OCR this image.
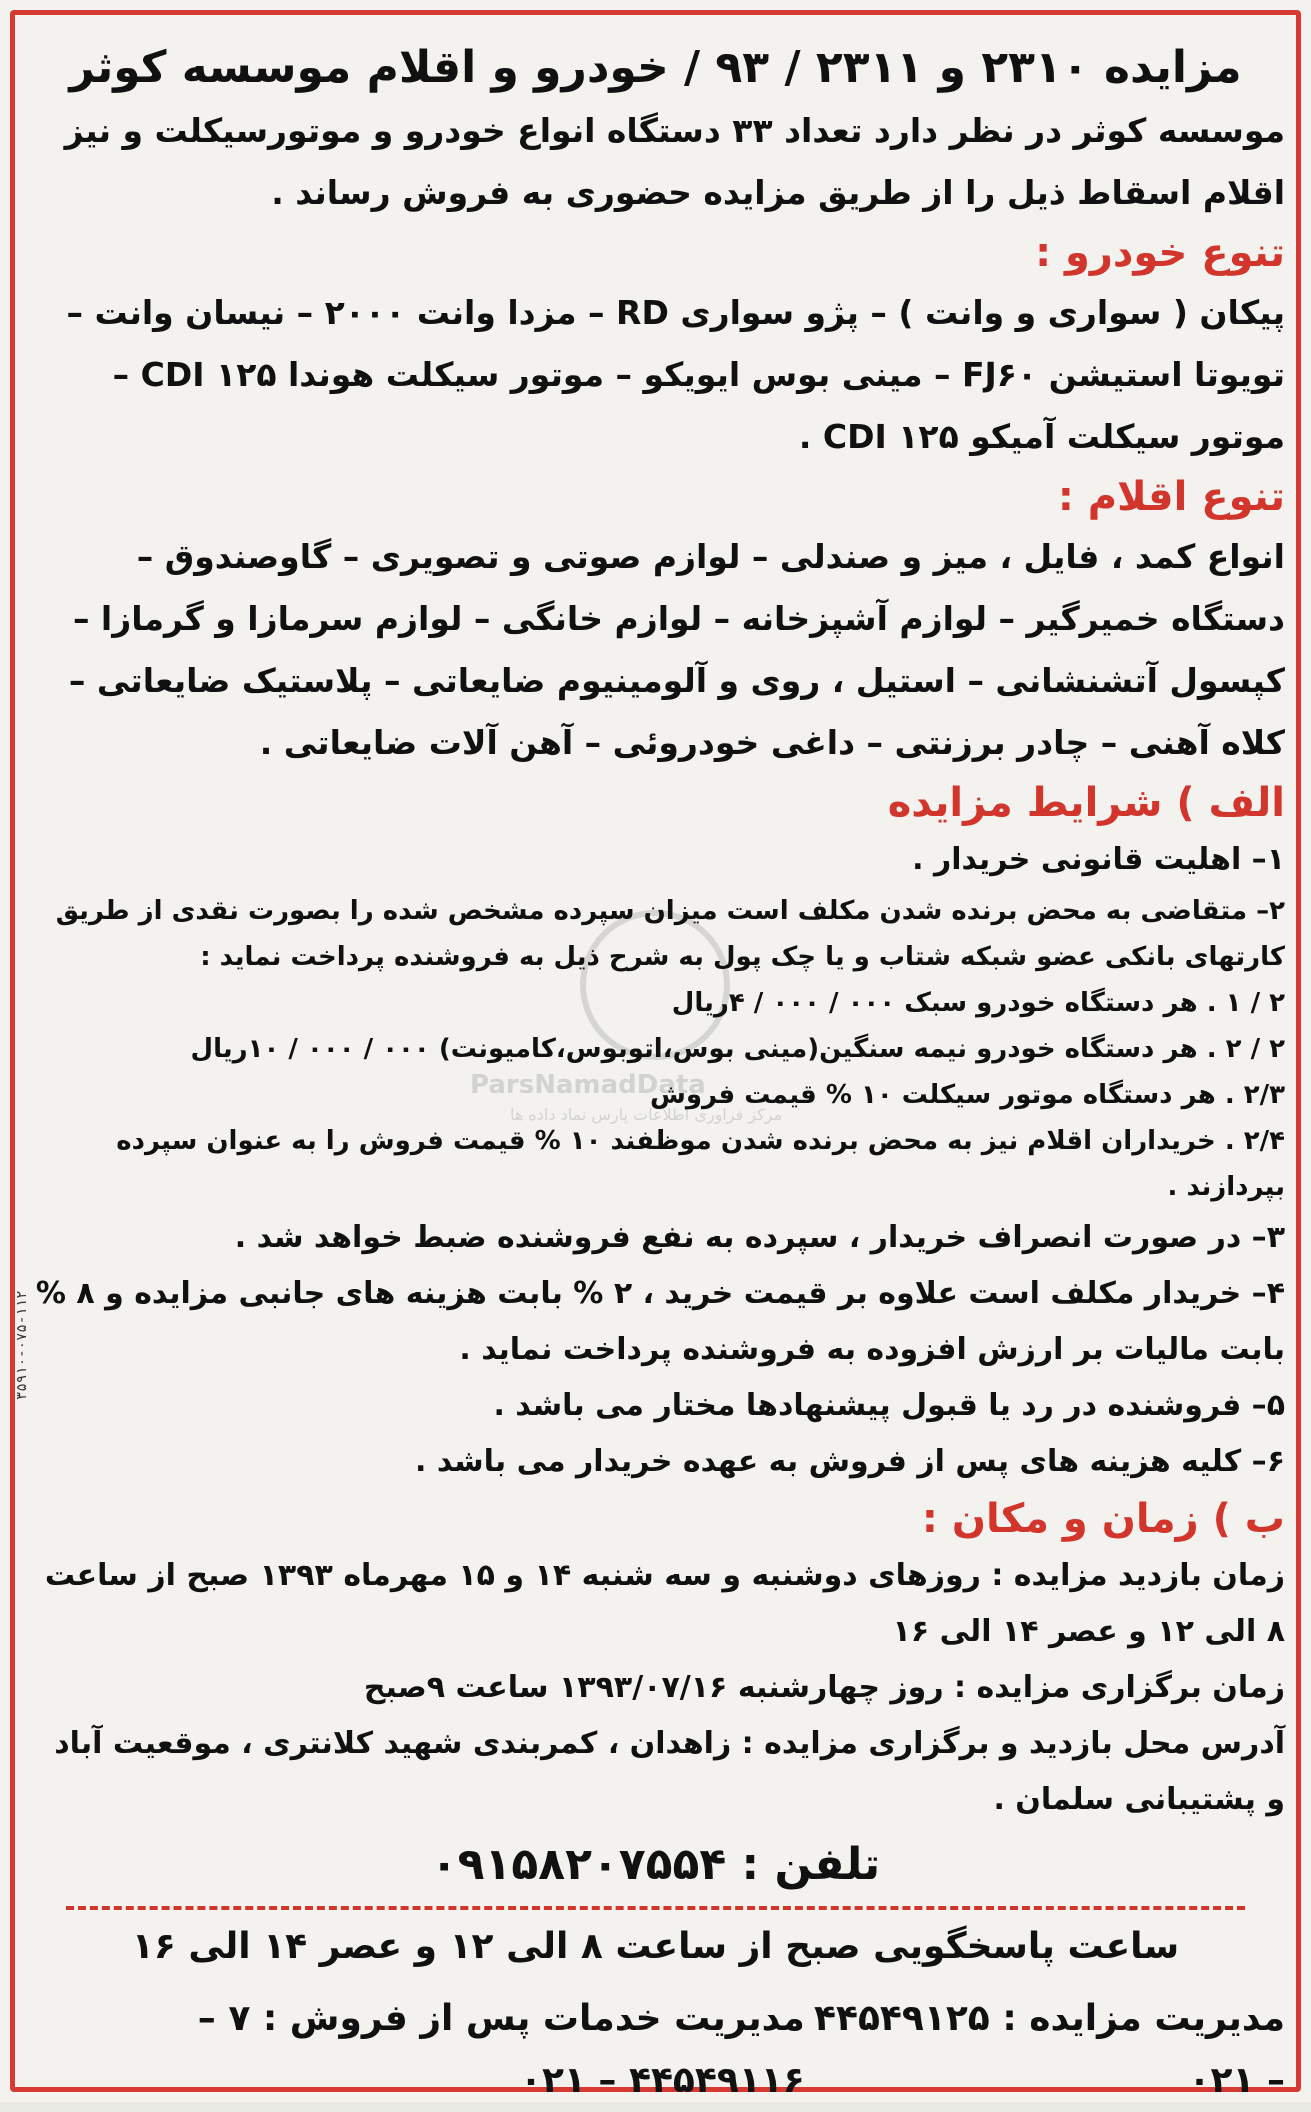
ParsNamadData
مرکز فراوری اطلاعات پارس نماد داده ها
۳۵۹۱۰-۰۷۵-۱۱۲
مزایده ۲۳۱۰ و ۲۳۱۱ / ۹۳ / خودرو و اقلام موسسه کوثر

موسسه کوثر در نظر دارد تعداد ۳۳ دستگاه انواع خودرو و موتورسیکلت و نیز اقلام اسقاط ذیل را از طریق مزایده حضوری به فروش رساند .

تنوع خودرو :

پیکان ( سواری و وانت ) – پژو سواری RD – مزدا وانت ۲۰۰۰ – نیسان وانت – تویوتا استیشن FJ۶۰ – مینی بوس ایویکو – موتور سیکلت هوندا CDI ۱۲۵ – موتور سیکلت آمیکو CDI ۱۲۵ .

تنوع اقلام :

انواع کمد ، فایل ، میز و صندلی – لوازم صوتی و تصویری – گاوصندوق – دستگاه خمیرگیر – لوازم آشپزخانه – لوازم خانگی – لوازم سرمازا و گرمازا – کپسول آتشنشانی – استیل ، روی و آلومینیوم ضایعاتی – پلاستیک ضایعاتی – کلاه آهنی – چادر برزنتی – داغی خودروئی – آهن آلات ضایعاتی .

الف ) شرایط مزایده

۱– اهلیت قانونی خریدار .

۲– متقاضی به محض برنده شدن مکلف است میزان سپرده مشخص شده را بصورت نقدی از طریق کارتهای بانکی عضو شبکه شتاب و یا چک پول به شرح ذیل به فروشنده پرداخت نماید :

۲ / ۱ . هر دستگاه خودرو سبک ۰۰۰ / ۰۰۰ / ۴ریال

۲ / ۲ . هر دستگاه خودرو نیمه سنگین(مینی بوس،اتوبوس،کامیونت) ۰۰۰ / ۰۰۰ / ۱۰ریال

۲/۳ . هر دستگاه موتور سیکلت ۱۰ % قیمت فروش

۲/۴ . خریداران اقلام نیز به محض برنده شدن موظفند ۱۰ % قیمت فروش را به عنوان سپرده بپردازند .

۳– در صورت انصراف خریدار ، سپرده به نفع فروشنده ضبط خواهد شد .

۴– خریدار مکلف است علاوه بر قیمت خرید ، ۲ % بابت هزینه های جانبی مزایده و ۸ % بابت مالیات بر ارزش افزوده به فروشنده پرداخت نماید .

۵– فروشنده در رد یا قبول پیشنهادها مختار می باشد .

۶– کلیه هزینه های پس از فروش به عهده خریدار می باشد .

ب ) زمان و مکان :

زمان بازدید مزایده : روزهای دوشنبه و سه شنبه ۱۴ و ۱۵ مهرماه ۱۳۹۳ صبح از ساعت ۸ الی ۱۲ و عصر ۱۴ الی ۱۶

زمان برگزاری مزایده : روز چهارشنبه ۱۳۹۳/۰۷/۱۶ ساعت ۹صبح

آدرس محل بازدید و برگزاری مزایده : زاهدان ، کمربندی شهید کلانتری ، موقعیت آباد و پشتیبانی سلمان .

تلفن : ۰۹۱۵۸۲۰۷۵۵۴

ساعت پاسخگویی صبح از ساعت ۸ الی ۱۲ و عصر ۱۴ الی ۱۶

مدیریت مزایده : ۴۴۵۴۹۱۲۵ – ۰۲۱
مدیریت خدمات پس از فروش : ۷ – ۴۴۵۴۹۱۱۶ – ۰۲۱
